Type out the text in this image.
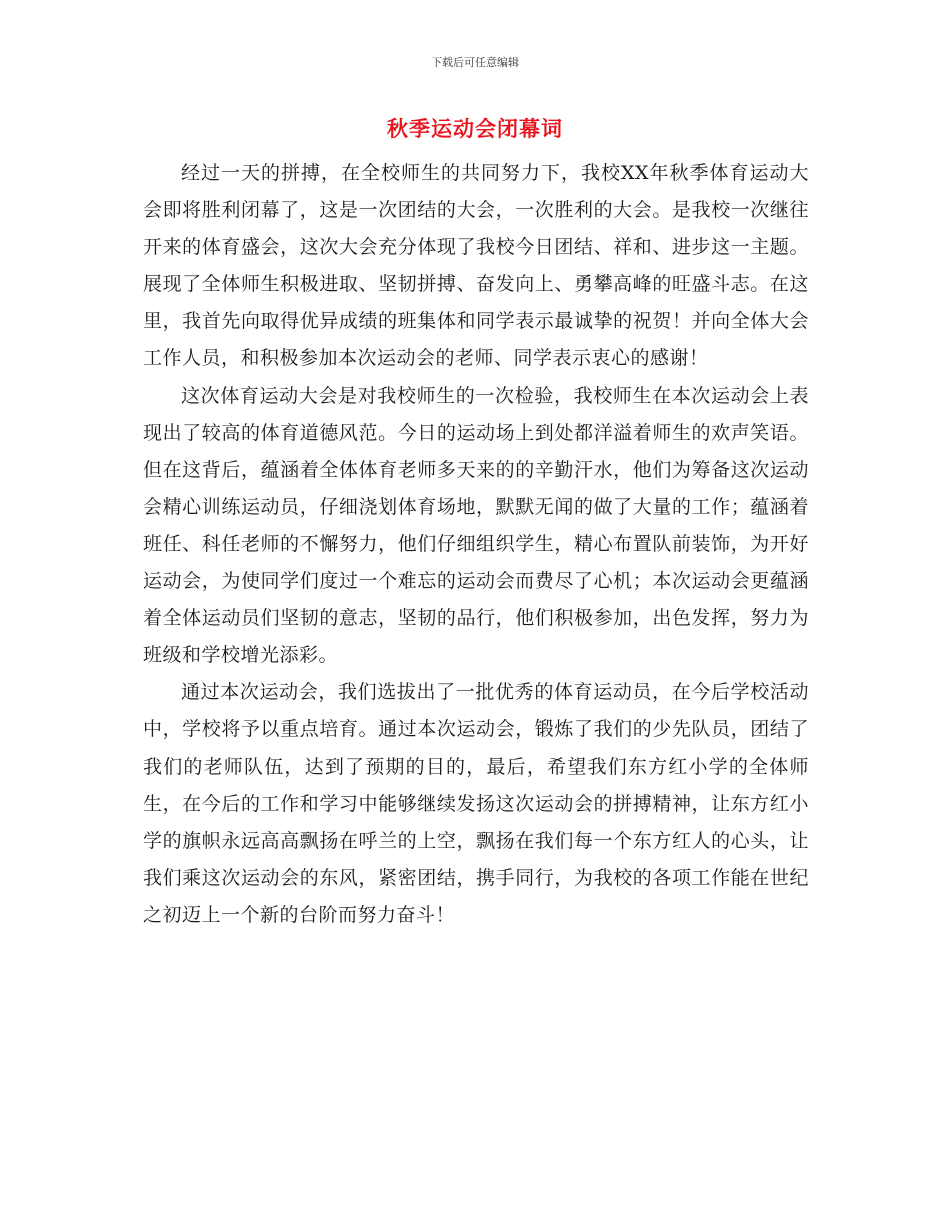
下载后可任意编辑
秋季运动会闭幕词

经过一天的拼搏，在全校师生的共同努力下，我校XX年秋季体育运动大会即将胜利闭幕了，这是一次团结的大会，一次胜利的大会。是我校一次继往开来的体育盛会，这次大会充分体现了我校今日团结、祥和、进步这一主题。展现了全体师生积极进取、坚韧拼搏、奋发向上、勇攀高峰的旺盛斗志。在这里，我首先向取得优异成绩的班集体和同学表示最诚挚的祝贺！并向全体大会工作人员，和积极参加本次运动会的老师、同学表示衷心的感谢！

这次体育运动大会是对我校师生的一次检验，我校师生在本次运动会上表现出了较高的体育道德风范。今日的运动场上到处都洋溢着师生的欢声笑语。但在这背后，蕴涵着全体体育老师多天来的的辛勤汗水，他们为筹备这次运动会精心训练运动员，仔细浇划体育场地，默默无闻的做了大量的工作；蕴涵着班任、科任老师的不懈努力，他们仔细组织学生，精心布置队前装饰，为开好运动会，为使同学们度过一个难忘的运动会而费尽了心机；本次运动会更蕴涵着全体运动员们坚韧的意志，坚韧的品行，他们积极参加，出色发挥，努力为班级和学校增光添彩。

通过本次运动会，我们选拔出了一批优秀的体育运动员，在今后学校活动中，学校将予以重点培育。通过本次运动会，锻炼了我们的少先队员，团结了我们的老师队伍，达到了预期的目的，最后，希望我们东方红小学的全体师生，在今后的工作和学习中能够继续发扬这次运动会的拼搏精神，让东方红小学的旗帜永远高高飘扬在呼兰的上空，飘扬在我们每一个东方红人的心头，让我们乘这次运动会的东风，紧密团结，携手同行，为我校的各项工作能在世纪之初迈上一个新的台阶而努力奋斗！
